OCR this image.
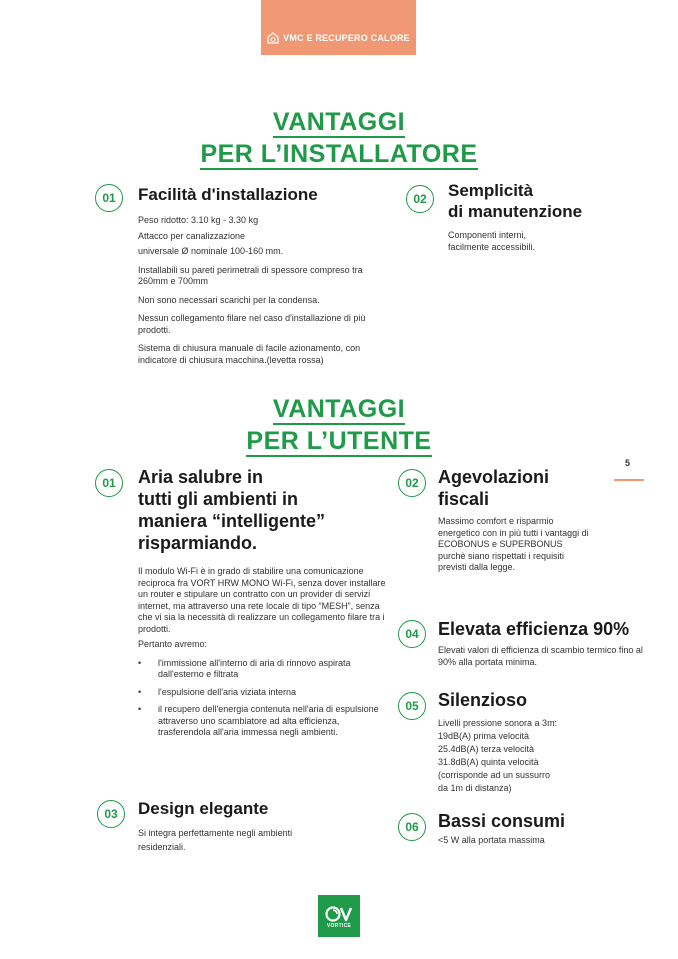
VMC E RECUPERO CALORE
VANTAGGI
PER L’INSTALLATORE
01	Facilità d'installazione
Peso ridotto: 3.10 kg - 3.30 kg
Attacco per canalizzazione
universale Ø nominale 100-160 mm.
Installabili su pareti perimetrali di spessore compreso tra 260mm e 700mm
Non sono necessari scarichi per la condensa.
Nessun collegamento filare nel caso d'installazione di più prodotti.
Sistema di chiusura manuale di facile azionamento, con indicatore di chiusura macchina.(levetta rossa)
02	Semplicità
di manutenzione
Componenti interni,
facilmente accessibili.
VANTAGGI
PER L’UTENTE
5
01	Aria salubre in
tutti gli ambienti in
maniera “intelligente”
risparmiando.
Il modulo Wi-Fi è in grado di stabilire una comunicazione reciproca fra VORT HRW MONO Wi-Fi, senza dover installare un router e stipulare un contratto con un provider di servizi internet, ma attraverso una rete locale di tipo “MESH”, senza che vi sia la necessità di realizzare un collegamento filare tra i prodotti.
Pertanto avremo:
• l'immissione all'interno di aria di rinnovo aspirata dall'esterno e filtrata
• l'espulsione dell'aria viziata interna
• il recupero dell'energia contenuta nell'aria di espulsione attraverso uno scambiatore ad alta efficienza, trasferendola all'aria immessa negli ambienti.
03	Design elegante
Si integra perfettamente negli ambienti
residenziali.
02	Agevolazioni
fiscali
Massimo comfort e risparmio energetico con in più tutti i vantaggi di ECOBONUS e SUPERBONUS purchè siano rispettati i requisiti previsti dalla legge.
04	Elevata efficienza 90%
Elevati valori di efficienza di scambio termico fino al 90% alla portata minima.
05	Silenzioso
Livelli pressione sonora a 3m:
19dB(A) prima velocità
25.4dB(A) terza velocità
31.8dB(A) quinta velocità
(corrisponde ad un sussurro
da 1m di distanza)
06	Bassi consumi
<5 W alla portata massima
VORTICE
